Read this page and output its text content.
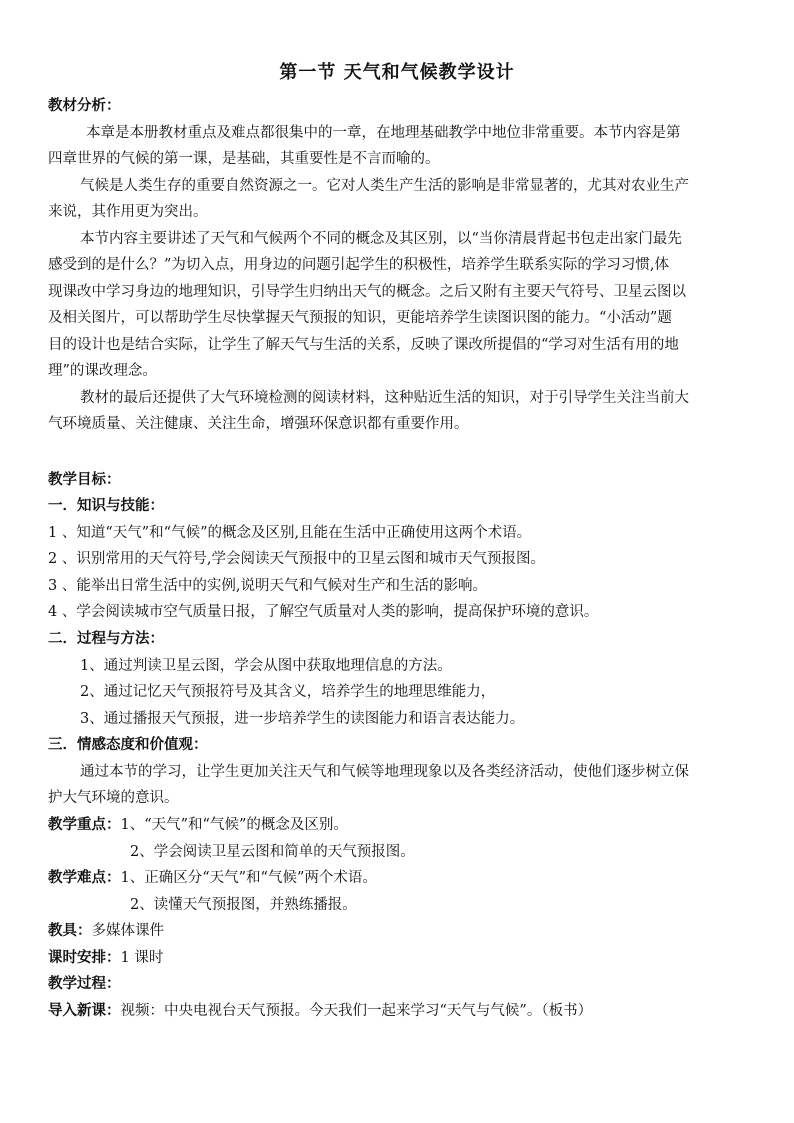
第一节 天气和气候教学设计
教材分析：
本章是本册教材重点及难点都很集中的一章，在地理基础教学中地位非常重要。本节内容是第
四章世界的气候的第一课，是基础，其重要性是不言而喻的。
气候是人类生存的重要自然资源之一。它对人类生产生活的影响是非常显著的，尤其对农业生产
来说，其作用更为突出。
本节内容主要讲述了天气和气候两个不同的概念及其区别，以“当你清晨背起书包走出家门最先
感受到的是什么？”为切入点，用身边的问题引起学生的积极性，培养学生联系实际的学习习惯,体
现课改中学习身边的地理知识，引导学生归纳出天气的概念。之后又附有主要天气符号、卫星云图以
及相关图片，可以帮助学生尽快掌握天气预报的知识，更能培养学生读图识图的能力。“小活动”题
目的设计也是结合实际，让学生了解天气与生活的关系，反映了课改所提倡的“学习对生活有用的地
理”的课改理念。
教材的最后还提供了大气环境检测的阅读材料，这种贴近生活的知识，对于引导学生关注当前大
气环境质量、关注健康、关注生命，增强环保意识都有重要作用。
教学目标：
一．知识与技能：
1 、知道“天气”和“气候”的概念及区别,且能在生活中正确使用这两个术语。
2 、识别常用的天气符号,学会阅读天气预报中的卫星云图和城市天气预报图。
3 、能举出日常生活中的实例,说明天气和气候对生产和生活的影响。
4 、学会阅读城市空气质量日报，了解空气质量对人类的影响，提高保护环境的意识。
二．过程与方法：
1、通过判读卫星云图，学会从图中获取地理信息的方法。
2、通过记忆天气预报符号及其含义，培养学生的地理思维能力，
3、通过播报天气预报，进一步培养学生的读图能力和语言表达能力。
三．情感态度和价值观：
通过本节的学习，让学生更加关注天气和气候等地理现象以及各类经济活动，使他们逐步树立保
护大气环境的意识。
教学重点：1、“天气”和“气候”的概念及区别。
2、学会阅读卫星云图和简单的天气预报图。
教学难点：1、正确区分“天气”和“气候”两个术语。
2、读懂天气预报图，并熟练播报。
教具：多媒体课件
课时安排：1 课时
教学过程：
导入新课：视频：中央电视台天气预报。今天我们一起来学习“天气与气候”。（板书）
